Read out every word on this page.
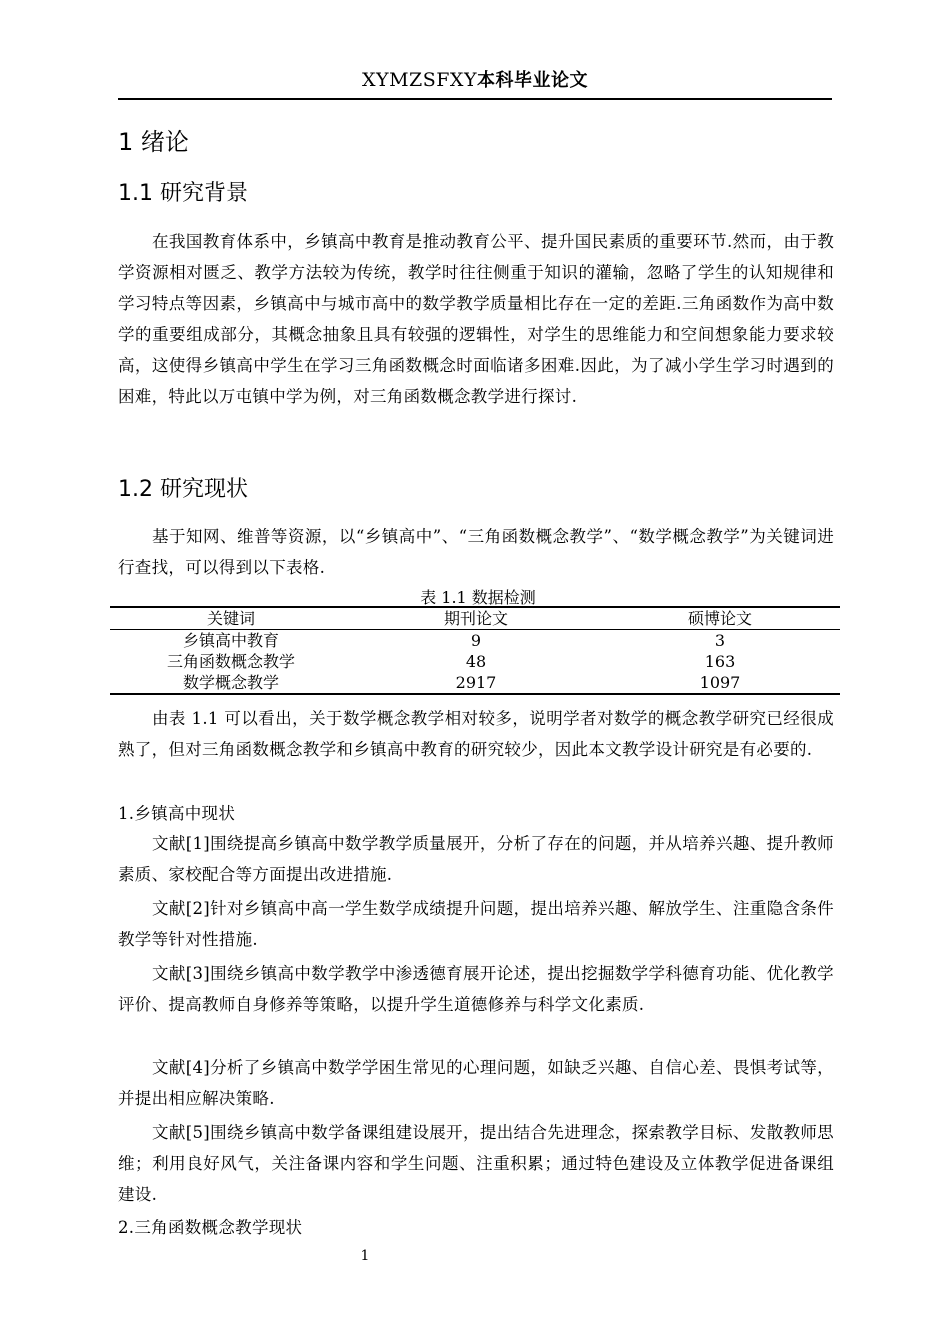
XYMZSFXY本科毕业论文
1 绪论
1.1 研究背景
在我国教育体系中，乡镇高中教育是推动教育公平、提升国民素质的重要环节.然而，由于教学资源相对匮乏、教学方法较为传统，教学时往往侧重于知识的灌输，忽略了学生的认知规律和学习特点等因素，乡镇高中与城市高中的数学教学质量相比存在一定的差距.三角函数作为高中数学的重要组成部分，其概念抽象且具有较强的逻辑性，对学生的思维能力和空间想象能力要求较高，这使得乡镇高中学生在学习三角函数概念时面临诸多困难.因此，为了减小学生学习时遇到的困难，特此以万屯镇中学为例，对三角函数概念教学进行探讨.
1.2 研究现状
基于知网、维普等资源，以“乡镇高中”、“三角函数概念教学”、“数学概念教学”为关键词进行查找，可以得到以下表格.
表 1.1 数据检测
关键词	期刊论文	硕博论文
乡镇高中教育	9	3
三角函数概念教学	48	163
数学概念教学	2917	1097
由表 1.1 可以看出，关于数学概念教学相对较多，说明学者对数学的概念教学研究已经很成熟了，但对三角函数概念教学和乡镇高中教育的研究较少，因此本文教学设计研究是有必要的.
1.乡镇高中现状
文献[1]围绕提高乡镇高中数学教学质量展开，分析了存在的问题，并从培养兴趣、提升教师素质、家校配合等方面提出改进措施.
文献[2]针对乡镇高中高一学生数学成绩提升问题，提出培养兴趣、解放学生、注重隐含条件教学等针对性措施.
文献[3]围绕乡镇高中数学教学中渗透德育展开论述，提出挖掘数学学科德育功能、优化教学评价、提高教师自身修养等策略，以提升学生道德修养与科学文化素质.
文献[4]分析了乡镇高中数学学困生常见的心理问题，如缺乏兴趣、自信心差、畏惧考试等，并提出相应解决策略.
文献[5]围绕乡镇高中数学备课组建设展开，提出结合先进理念，探索教学目标、发散教师思维；利用良好风气，关注备课内容和学生问题、注重积累；通过特色建设及立体教学促进备课组建设.
2.三角函数概念教学现状
1
